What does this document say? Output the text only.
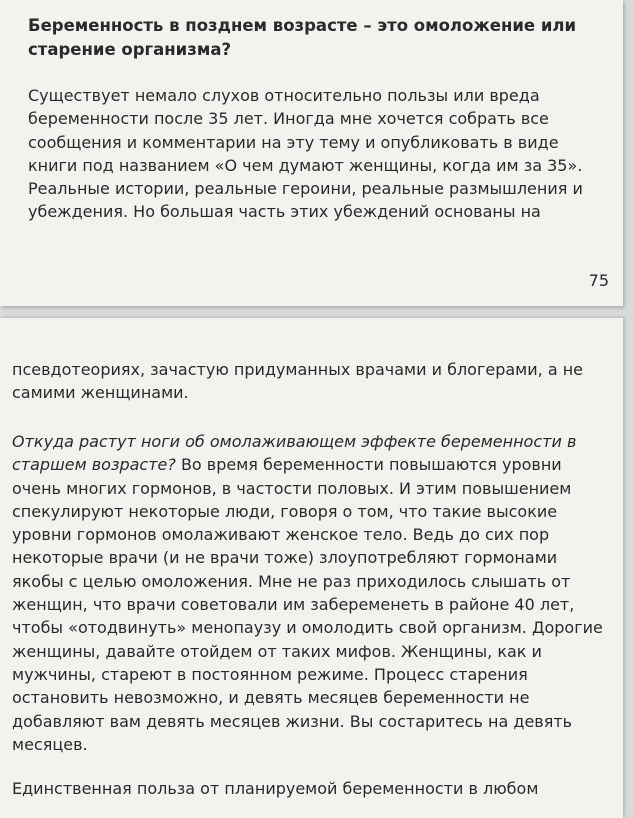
Беременность в позднем возрасте – это омоложение или старение организма?

Существует немало слухов относительно пользы или вреда беременности после 35 лет. Иногда мне хочется собрать все сообщения и комментарии на эту тему и опубликовать в виде книги под названием «О чем думают женщины, когда им за 35». Реальные истории, реальные героини, реальные размышления и убеждения. Но большая часть этих убеждений основаны на

75

псевдотеориях, зачастую придуманных врачами и блогерами, а не самими женщинами.

Откуда растут ноги об омолаживающем эффекте беременности в старшем возрасте? Во время беременности повышаются уровни очень многих гормонов, в частости половых. И этим повышением спекулируют некоторые люди, говоря о том, что такие высокие уровни гормонов омолаживают женское тело. Ведь до сих пор некоторые врачи (и не врачи тоже) злоупотребляют гормонами якобы с целью омоложения. Мне не раз приходилось слышать от женщин, что врачи советовали им забеременеть в районе 40 лет, чтобы «отодвинуть» менопаузу и омолодить свой организм. Дорогие женщины, давайте отойдем от таких мифов. Женщины, как и мужчины, стареют в постоянном режиме. Процесс старения остановить невозможно, и девять месяцев беременности не добавляют вам девять месяцев жизни. Вы состаритесь на девять месяцев.

Единственная польза от планируемой беременности в любом
